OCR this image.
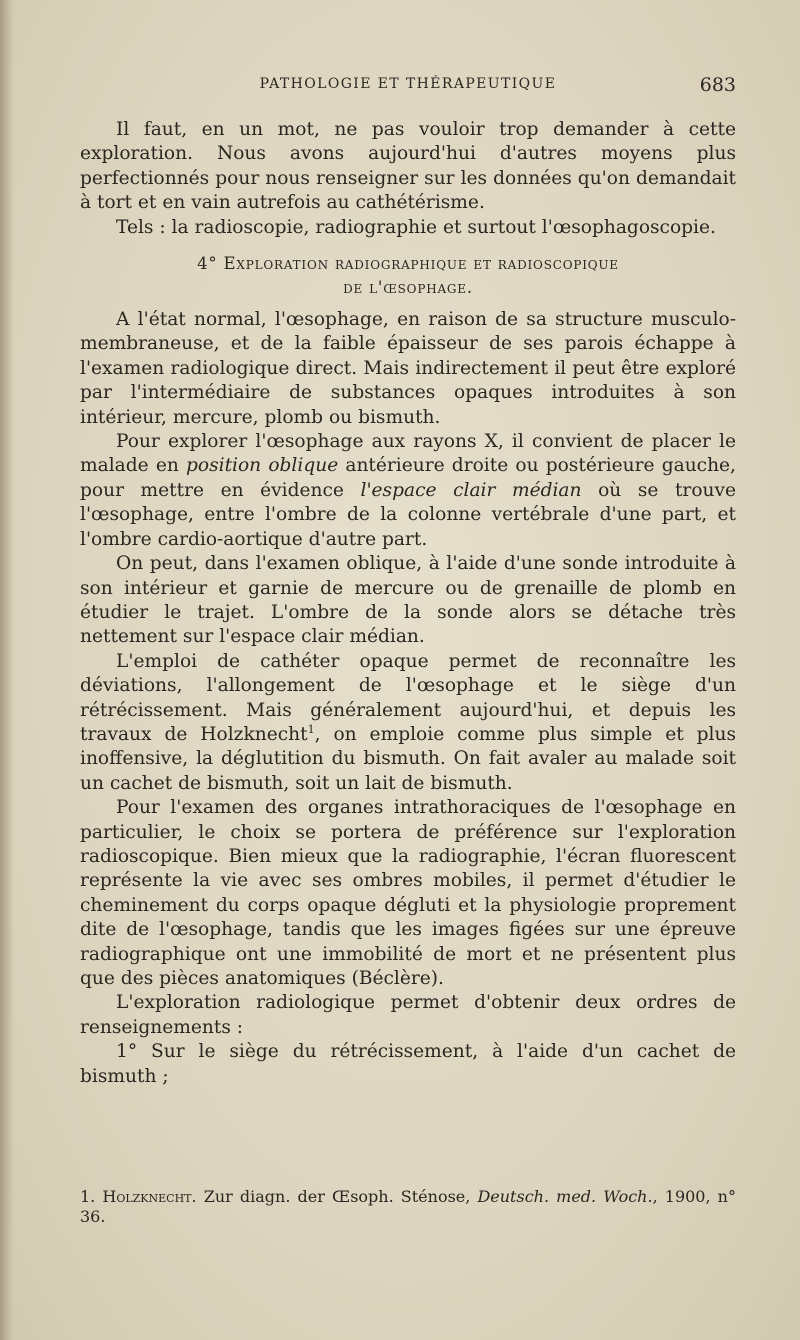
PATHOLOGIE ET THÉRAPEUTIQUE	683

Il faut, en un mot, ne pas vouloir trop demander à cette exploration. Nous avons aujourd'hui d'autres moyens plus perfectionnés pour nous renseigner sur les données qu'on demandait à tort et en vain autrefois au cathétérisme.

Tels : la radioscopie, radiographie et surtout l'œsophagoscopie.

4° Exploration radiographique et radioscopique
de l'œsophage.

A l'état normal, l'œsophage, en raison de sa structure musculo-membraneuse, et de la faible épaisseur de ses parois échappe à l'examen radiologique direct. Mais indirectement il peut être exploré par l'intermédiaire de substances opaques introduites à son intérieur, mercure, plomb ou bismuth.

Pour explorer l'œsophage aux rayons X, il convient de placer le malade en position oblique antérieure droite ou postérieure gauche, pour mettre en évidence l'espace clair médian où se trouve l'œsophage, entre l'ombre de la colonne vertébrale d'une part, et l'ombre cardio-aortique d'autre part.

On peut, dans l'examen oblique, à l'aide d'une sonde introduite à son intérieur et garnie de mercure ou de grenaille de plomb en étudier le trajet. L'ombre de la sonde alors se détache très nettement sur l'espace clair médian.

L'emploi de cathéter opaque permet de reconnaître les déviations, l'allongement de l'œsophage et le siège d'un rétrécissement. Mais généralement aujourd'hui, et depuis les travaux de Holzknecht$^1$, on emploie comme plus simple et plus inoffensive, la déglutition du bismuth. On fait avaler au malade soit un cachet de bismuth, soit un lait de bismuth.

Pour l'examen des organes intrathoraciques de l'œsophage en particulier, le choix se portera de préférence sur l'exploration radioscopique. Bien mieux que la radiographie, l'écran fluorescent représente la vie avec ses ombres mobiles, il permet d'étudier le cheminement du corps opaque dégluti et la physiologie proprement dite de l'œsophage, tandis que les images figées sur une épreuve radiographique ont une immobilité de mort et ne présentent plus que des pièces anatomiques (Béclère).

L'exploration radiologique permet d'obtenir deux ordres de renseignements :

1° Sur le siège du rétrécissement, à l'aide d'un cachet de bismuth ;

1. Holzknecht. Zur diagn. der Œsoph. Sténose, Deutsch. med. Woch., 1900, n° 36.
